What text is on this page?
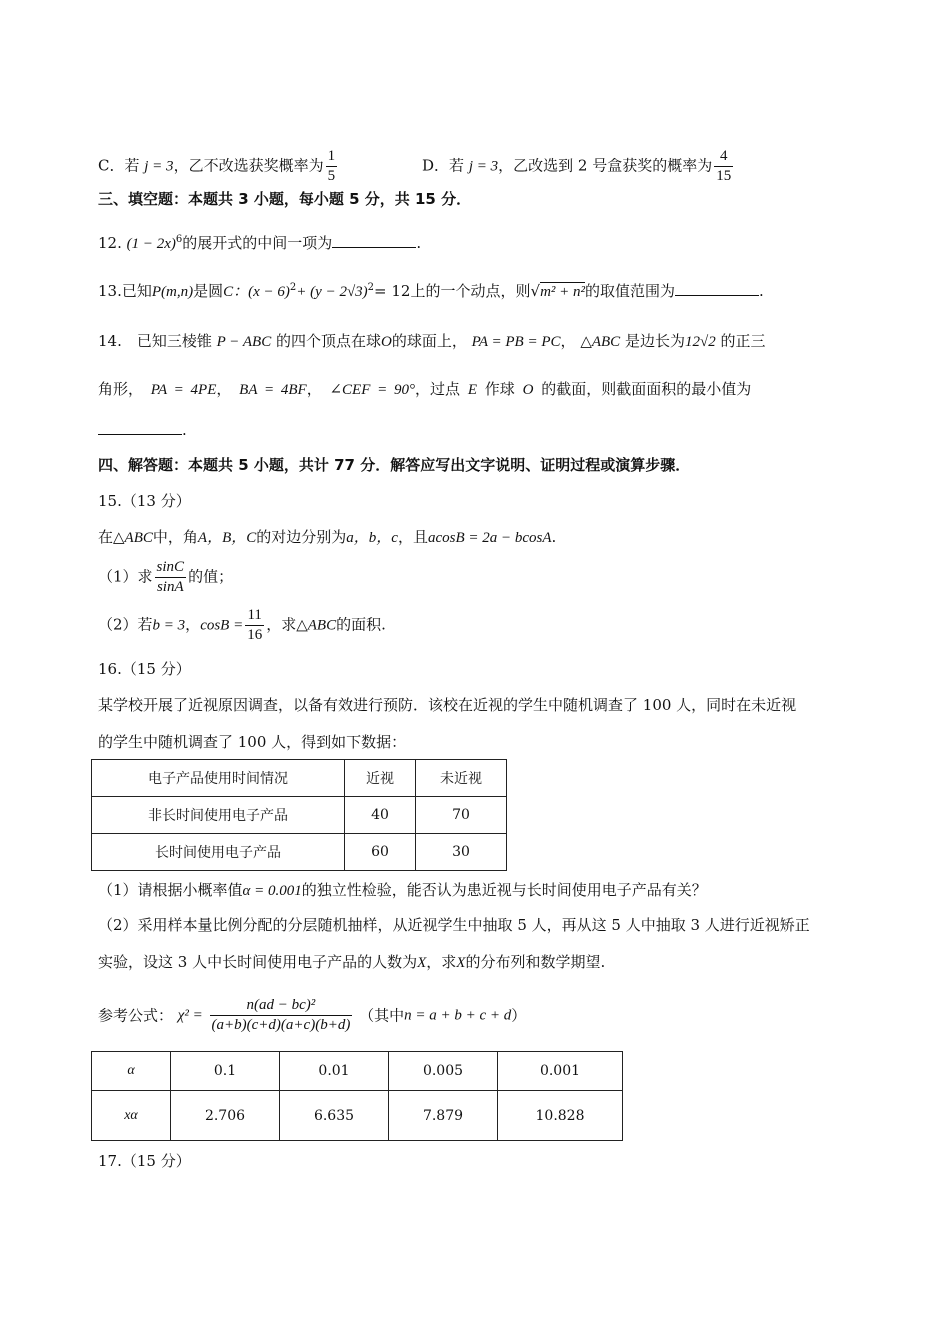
C．若 j = 3，乙不改选获奖概率为 $\frac{1}{5}$	D．若 j = 3，乙改选到 2 号盒获奖的概率为 $\frac{4}{15}$
三、填空题：本题共 3 小题，每小题 5 分，共 15 分．
12. $(1 - 2x)^6$的展开式的中间一项为	.
13.已知P(m,n)是圆C：$(x - 6)^2+ (y - 2√3)^2= 12$上的一个动点，则√m² + n²的取值范围为	.
14.　已知三棱锥 P − ABC 的四个顶点在球O的球面上， PA = PB = PC， △ABC 是边长为12√2 的正三
角形， PA = 4PE， BA = 4BF， ∠CEF = 90°，过点 E 作球 O 的截面，则截面面积的最小值为
.
四、解答题：本题共 5 小题，共计 77 分．解答应写出文字说明、证明过程或演算步骤．
15.（13 分）
在△ABC中，角A，B，C的对边分别为a，b，c，且acosB = 2a − bcosA.
（1）求 $\frac{\sin C}{\sin A}$ 的值；
（2）若b = 3，$\cos B = \frac{11}{16}$ ，求△ABC的面积.
16.（15 分）
某学校开展了近视原因调查，以备有效进行预防．该校在近视的学生中随机调查了 100 人，同时在未近视
的学生中随机调查了 100 人，得到如下数据：
电子产品使用时间情况	近视	未近视
非长时间使用电子产品	40	70
长时间使用电子产品	60	30
（1）请根据小概率值α = 0.001的独立性检验，能否认为患近视与长时间使用电子产品有关？
（2）采用样本量比例分配的分层随机抽样，从近视学生中抽取 5 人，再从这 5 人中抽取 3 人进行近视矫正
实验，设这 3 人中长时间使用电子产品的人数为X，求X的分布列和数学期望.
参考公式： $\chi^2 = \frac{\text{n(ad − bc)²}}{(a+b)(c+d)(a+c)(b+d)}$ （其中n = a + b + c + d）
α	0.1	0.01	0.005	0.001
xα	2.706	6.635	7.879	10.828
17.（15 分）
